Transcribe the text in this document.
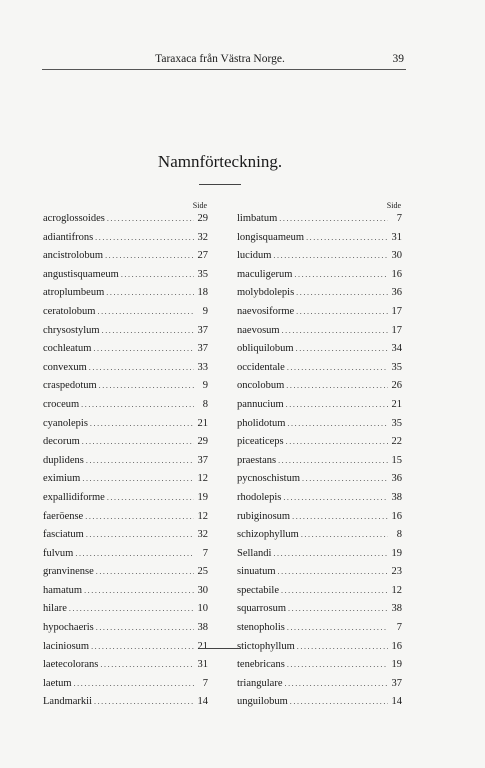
Taraxaca från Västra Norge.	39
Namnförteckning.
Side
acroglossoides .....	29
adiantifrons .....	32
ancistrolobum .....	27
angustisquameum .....	35
atroplumbeum .....	18
ceratolobum .....	9
chrysostylum .....	37
cochleatum .....	37
convexum .....	33
craspedotum .....	9
croceum .....	8
cyanolepis .....	21
decorum .....	29
duplidens .....	37
eximium .....	12
expallidiforme .....	19
faeröense .....	12
fasciatum .....	32
fulvum .....	7
granvinense .....	25
hamatum .....	30
hilare .....	10
hypochaeris .....	38
laciniosum .....	21
laetecolorans .....	31
laetum .....	7
Landmarkii .....	14
Side
limbatum .....	7
longisquameum .....	31
lucidum .....	30
maculigerum .....	16
molybdolepis .....	36
naevosiforme .....	17
naevosum .....	17
obliquilobum .....	34
occidentale .....	35
oncolobum .....	26
pannucium .....	21
pholidotum .....	35
piceaticeps .....	22
praestans .....	15
pycnoschistum .....	36
rhodolepis .....	38
rubiginosum .....	16
schizophyllum .....	8
Sellandi .....	19
sinuatum .....	23
spectabile .....	12
squarrosum .....	38
stenopholis .....	7
stictophyllum .....	16
tenebricans .....	19
triangulare .....	37
unguilobum .....	14
